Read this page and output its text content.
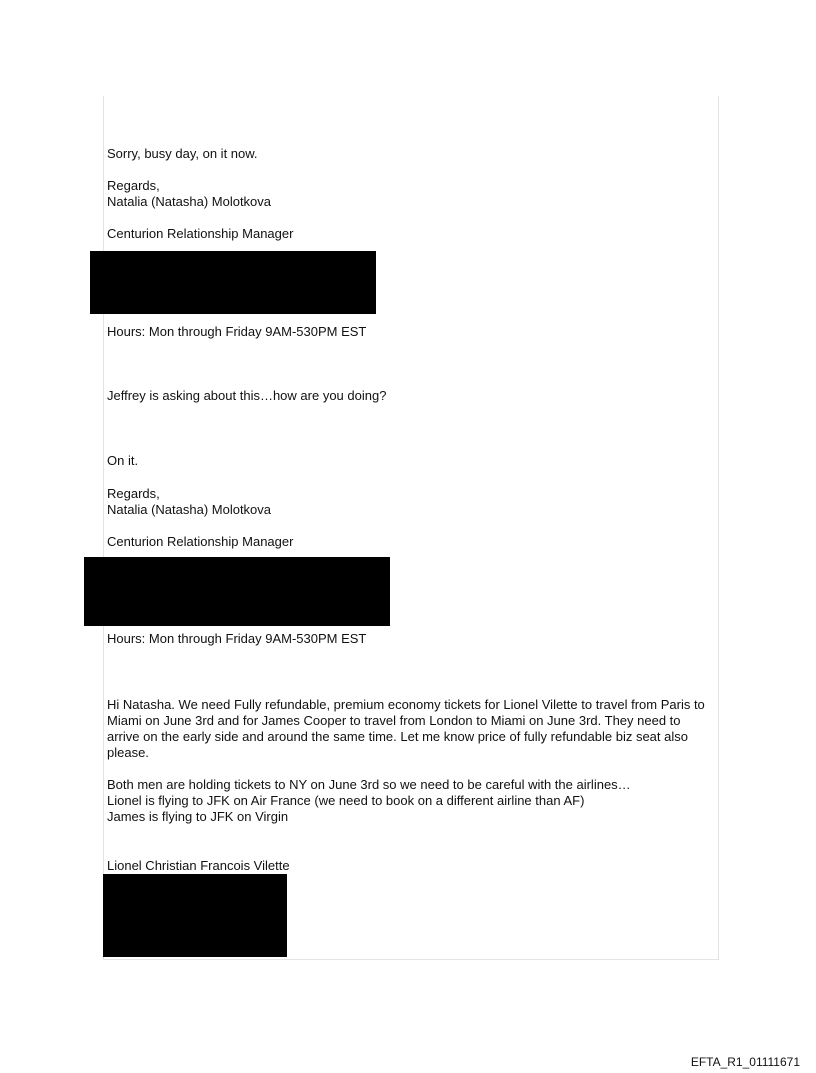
Sorry, busy day, on it now.

Regards,

Natalia (Natasha) Molotkova

Centurion Relationship Manager

Hours: Mon through Friday 9AM-530PM EST

Jeffrey is asking about this…how are you doing?

On it.

Regards,

Natalia (Natasha) Molotkova

Centurion Relationship Manager

Hours: Mon through Friday 9AM-530PM EST

Hi Natasha. We need Fully refundable, premium economy tickets for Lionel Vilette to travel from Paris to Miami on June 3rd and for James Cooper to travel from London to Miami on June 3rd. They need to arrive on the early side and around the same time. Let me know price of fully refundable biz seat also please.

Both men are holding tickets to NY on June 3rd so we need to be careful with the airlines…

Lionel is flying to JFK on Air France (we need to book on a different airline than AF)

James is flying to JFK on Virgin

Lionel Christian Francois Vilette

EFTA_R1_01111671
